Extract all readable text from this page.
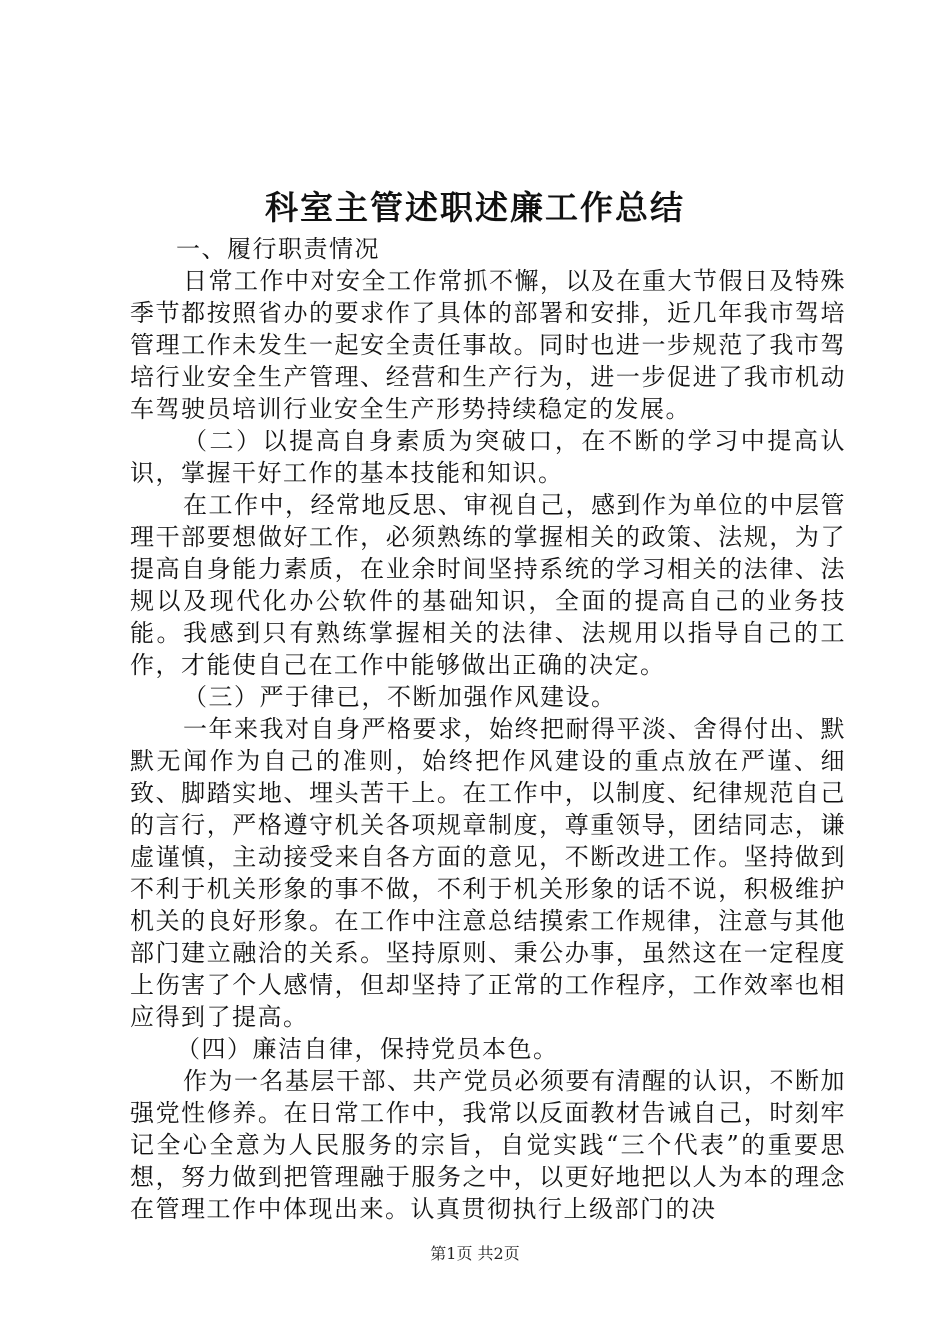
科室主管述职述廉工作总结

一、履行职责情况

日常工作中对安全工作常抓不懈，以及在重大节假日及特殊季节都按照省办的要求作了具体的部署和安排，近几年我市驾培管理工作未发生一起安全责任事故。同时也进一步规范了我市驾培行业安全生产管理、经营和生产行为，进一步促进了我市机动车驾驶员培训行业安全生产形势持续稳定的发展。

（二）以提高自身素质为突破口，在不断的学习中提高认识，掌握干好工作的基本技能和知识。

在工作中，经常地反思、审视自己，感到作为单位的中层管理干部要想做好工作，必须熟练的掌握相关的政策、法规，为了提高自身能力素质，在业余时间坚持系统的学习相关的法律、法规以及现代化办公软件的基础知识，全面的提高自己的业务技能。我感到只有熟练掌握相关的法律、法规用以指导自己的工作，才能使自己在工作中能够做出正确的决定。

（三）严于律已，不断加强作风建设。

一年来我对自身严格要求，始终把耐得平淡、舍得付出、默默无闻作为自己的准则，始终把作风建设的重点放在严谨、细致、脚踏实地、埋头苦干上。在工作中，以制度、纪律规范自己的言行，严格遵守机关各项规章制度，尊重领导，团结同志，谦虚谨慎，主动接受来自各方面的意见，不断改进工作。坚持做到不利于机关形象的事不做，不利于机关形象的话不说，积极维护机关的良好形象。在工作中注意总结摸索工作规律，注意与其他部门建立融洽的关系。坚持原则、秉公办事，虽然这在一定程度上伤害了个人感情，但却坚持了正常的工作程序，工作效率也相应得到了提高。

（四）廉洁自律，保持党员本色。

作为一名基层干部、共产党员必须要有清醒的认识，不断加强党性修养。在日常工作中，我常以反面教材告诫自己，时刻牢记全心全意为人民服务的宗旨，自觉实践“三个代表”的重要思想，努力做到把管理融于服务之中，以更好地把以人为本的理念在管理工作中体现出来。认真贯彻执行上级部门的决

第1页 共2页
